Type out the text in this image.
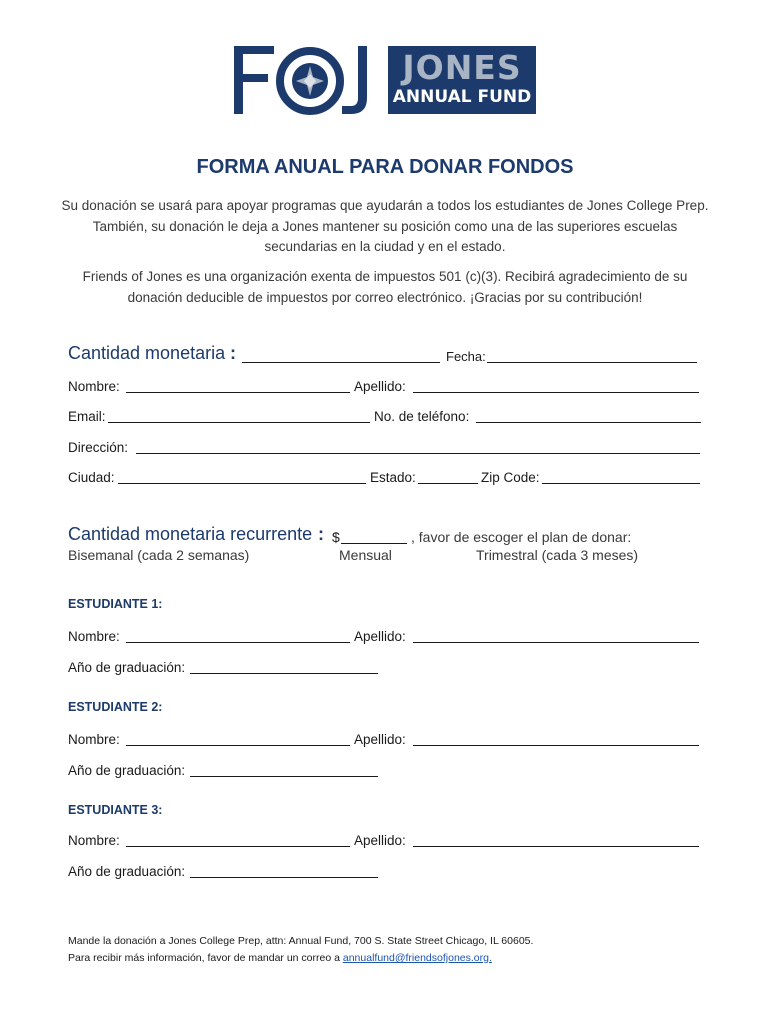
JONES
ANNUAL FUND
FORMA ANUAL PARA DONAR FONDOS
Su donación se usará para apoyar programas que ayudarán a todos los estudiantes de Jones College Prep. También, su donación le deja a Jones mantener su posición como una de las superiores escuelas secundarias en la ciudad y en el estado.
Friends of Jones es una organización exenta de impuestos 501 (c)(3). Recibirá agradecimiento de su donación deducible de impuestos por correo electrónico. ¡Gracias por su contribución!
Cantidad monetaria :	Fecha:
Nombre:	Apellido:
Email:	No. de teléfono:
Dirección:
Ciudad:	Estado:	Zip Code:
Cantidad monetaria recurrente : $	, favor de escoger el plan de donar:
Bisemanal (cada 2 semanas)	Mensual	Trimestral (cada 3 meses)
ESTUDIANTE 1:
Nombre:	Apellido:
Año de graduación:
ESTUDIANTE 2:
Nombre:	Apellido:
Año de graduación:
ESTUDIANTE 3:
Nombre:	Apellido:
Año de graduación:
Mande la donación a Jones College Prep, attn: Annual Fund, 700 S. State Street Chicago, IL 60605.
Para recibir más información, favor de mandar un correo a annualfund@friendsofjones.org.
